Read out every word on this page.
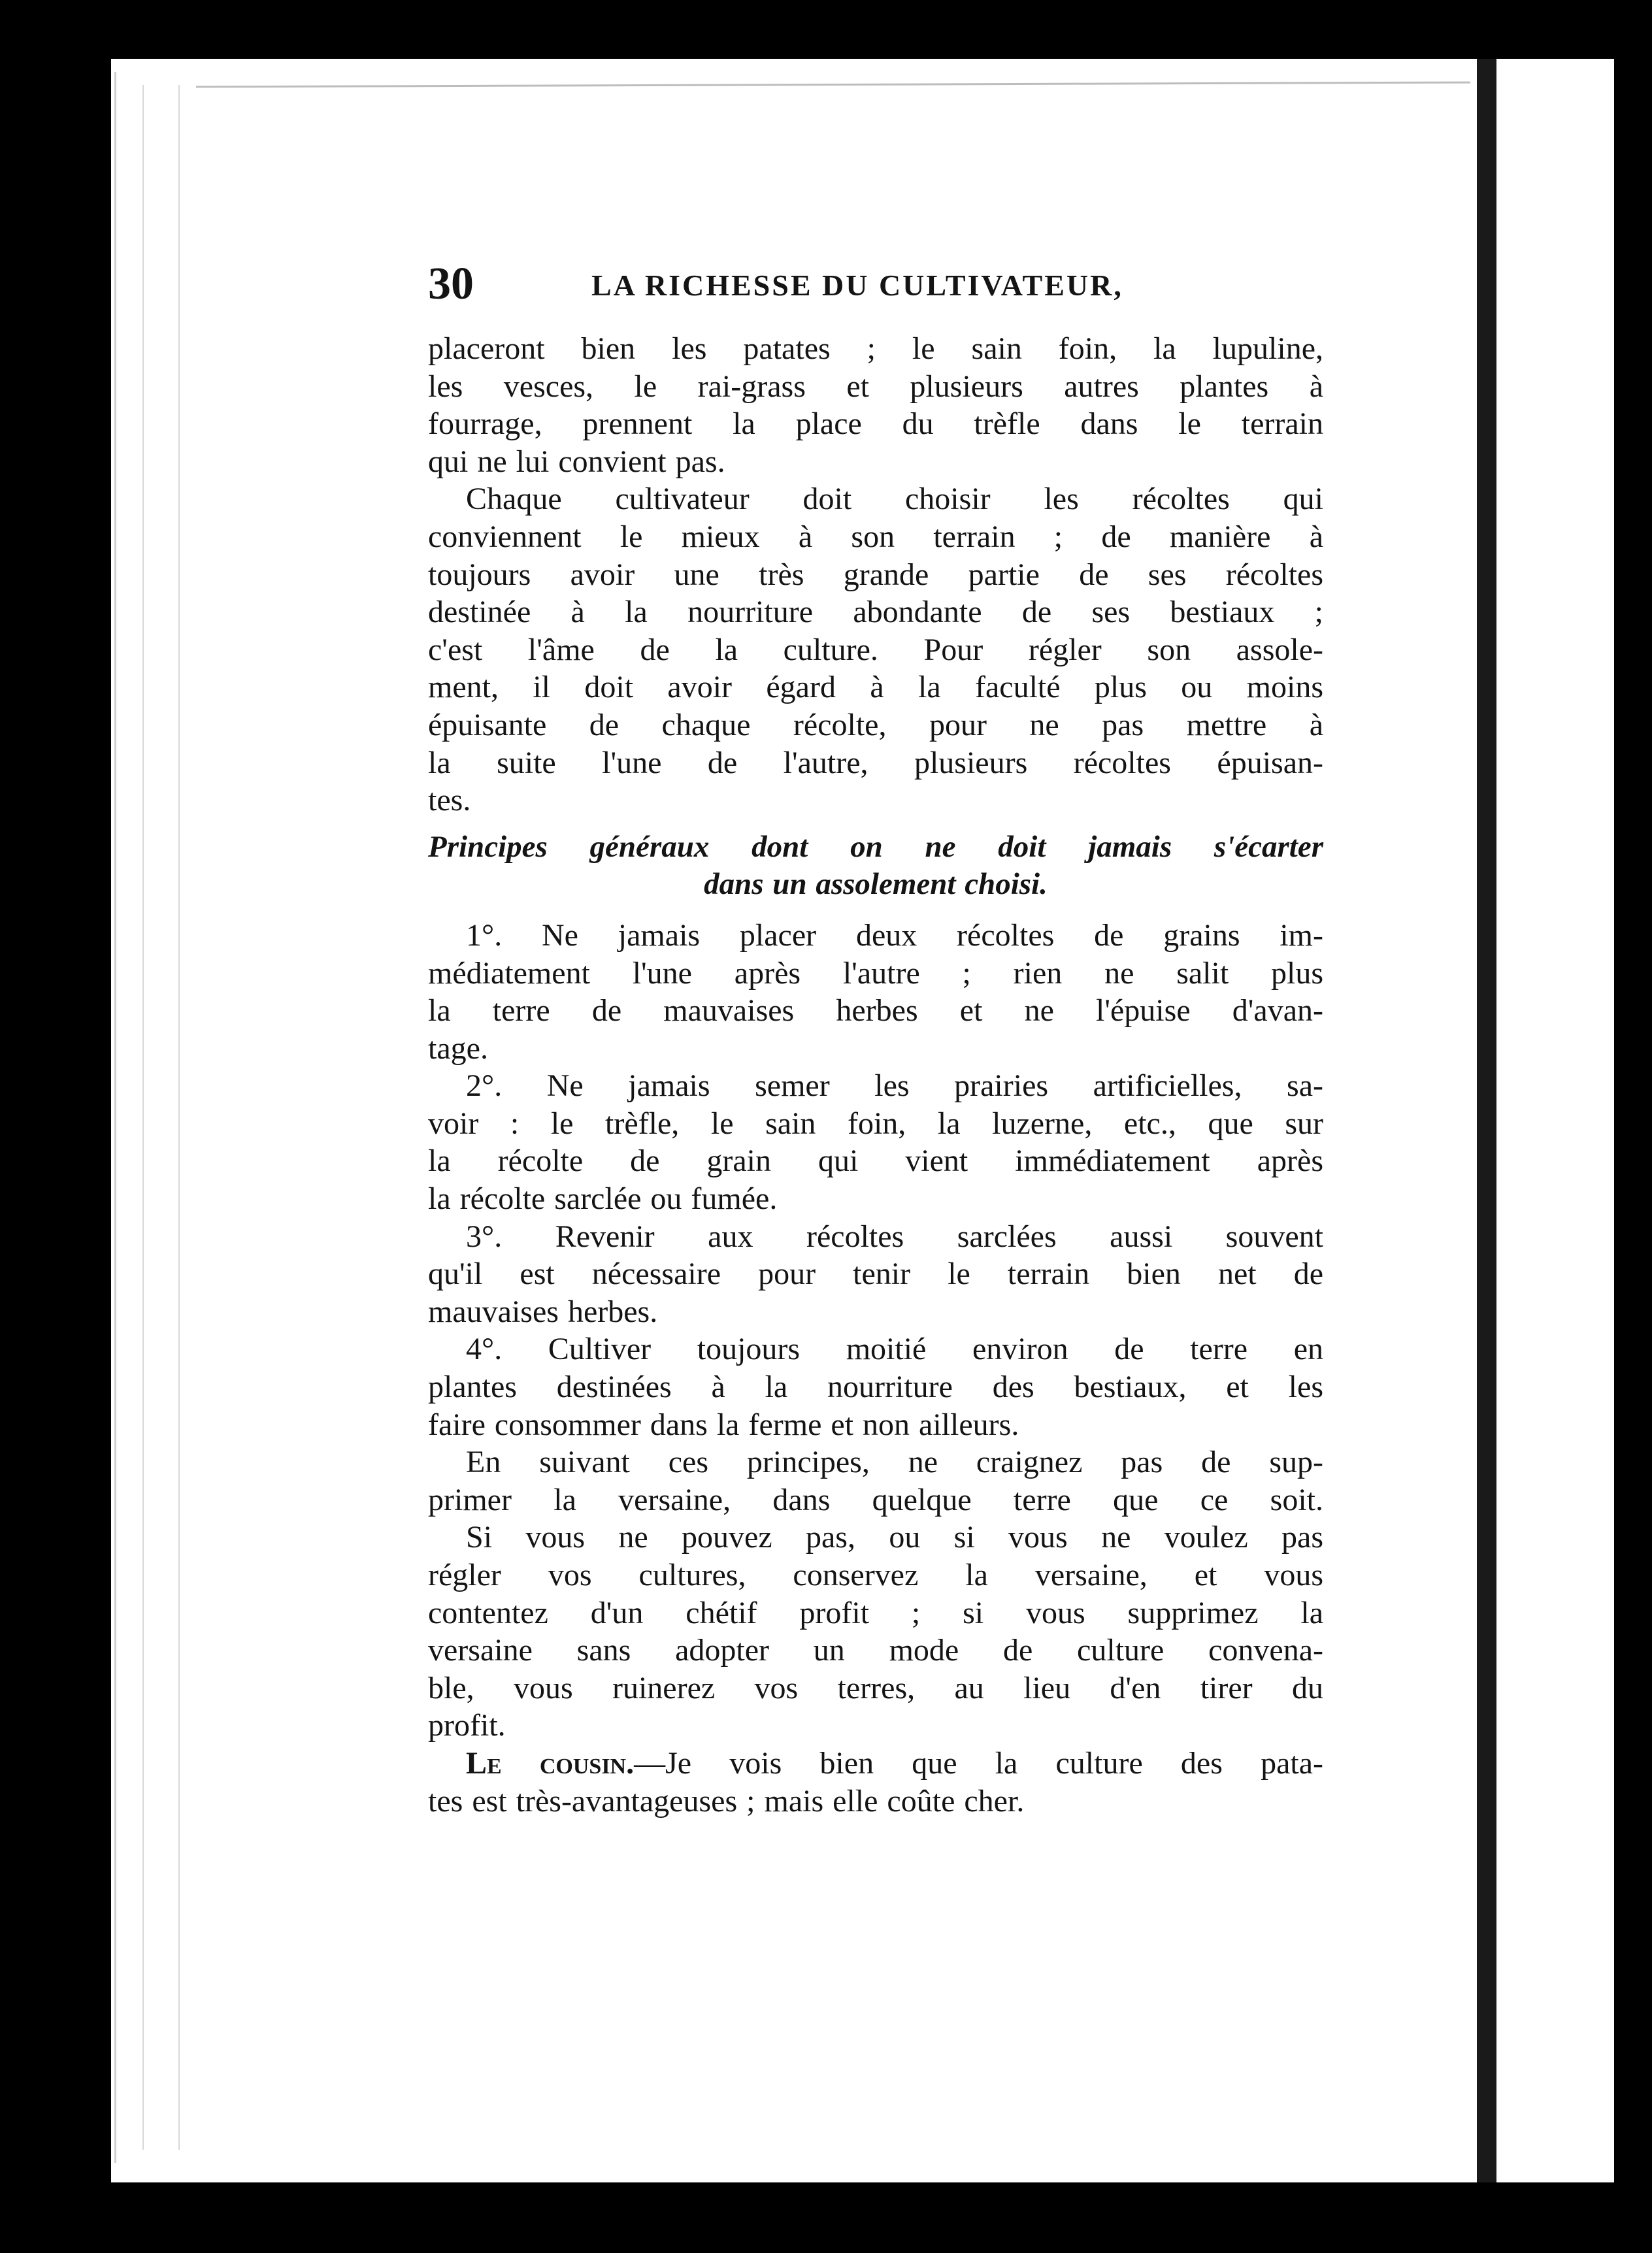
30	LA RICHESSE DU CULTIVATEUR,
placeront bien les patates ; le sain foin, la lupuline,
les vesces, le rai-grass et plusieurs autres plantes à
fourrage, prennent la place du trèfle dans le terrain
qui ne lui convient pas.
Chaque cultivateur doit choisir les récoltes qui
conviennent le mieux à son terrain ; de manière à
toujours avoir une très grande partie de ses récoltes
destinée à la nourriture abondante de ses bestiaux ;
c'est l'âme de la culture. Pour régler son assole-
ment, il doit avoir égard à la faculté plus ou moins
épuisante de chaque récolte, pour ne pas mettre à
la suite l'une de l'autre, plusieurs récoltes épuisan-
tes.
Principes généraux dont on ne doit jamais s'écarter
dans un assolement choisi.
1°. Ne jamais placer deux récoltes de grains im-
médiatement l'une après l'autre ; rien ne salit plus
la terre de mauvaises herbes et ne l'épuise d'avan-
tage.
2°. Ne jamais semer les prairies artificielles, sa-
voir : le trèfle, le sain foin, la luzerne, etc., que sur
la récolte de grain qui vient immédiatement après
la récolte sarclée ou fumée.
3°. Revenir aux récoltes sarclées aussi souvent
qu'il est nécessaire pour tenir le terrain bien net de
mauvaises herbes.
4°. Cultiver toujours moitié environ de terre en
plantes destinées à la nourriture des bestiaux, et les
faire consommer dans la ferme et non ailleurs.
En suivant ces principes, ne craignez pas de sup-
primer la versaine, dans quelque terre que ce soit.
Si vous ne pouvez pas, ou si vous ne voulez pas
régler vos cultures, conservez la versaine, et vous
contentez d'un chétif profit ; si vous supprimez la
versaine sans adopter un mode de culture convena-
ble, vous ruinerez vos terres, au lieu d'en tirer du
profit.
Le cousin.—Je vois bien que la culture des pata-
tes est très-avantageuses ; mais elle coûte cher.
